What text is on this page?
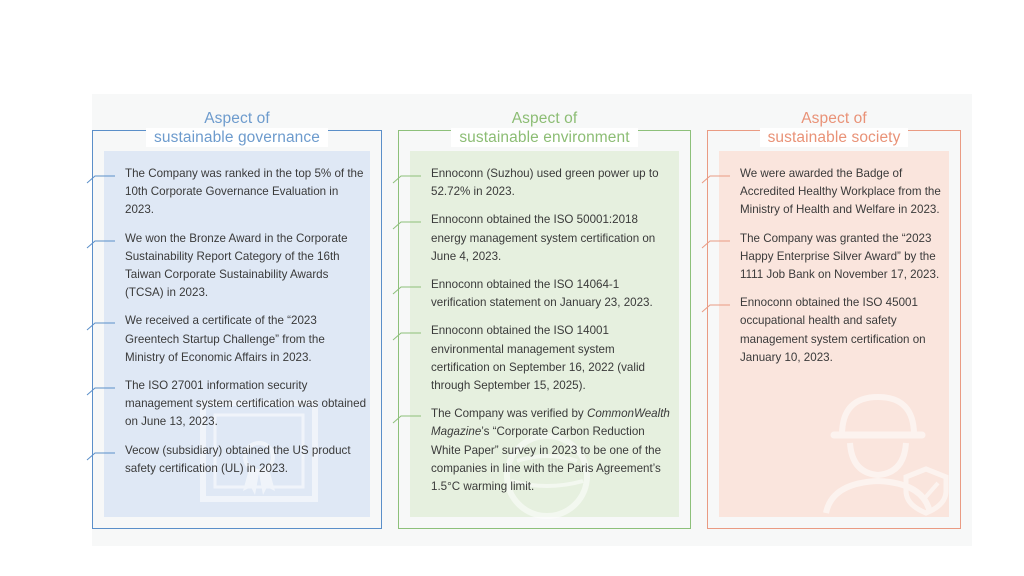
Aspect of
sustainable governance
The Company was ranked in the top 5% of the 10th Corporate Governance Evaluation in 2023.
We won the Bronze Award in the Corporate Sustainability Report Category of the 16th Taiwan Corporate Sustainability Awards (TCSA) in 2023.
We received a certificate of the “2023 Greentech Startup Challenge” from the Ministry of Economic Affairs in 2023.
The ISO 27001 information security management system certification was obtained on June 13, 2023.
Vecow (subsidiary) obtained the US product safety certification (UL) in 2023.
Aspect of
sustainable environment
Ennoconn (Suzhou) used green power up to 52.72% in 2023.
Ennoconn obtained the ISO 50001:2018 energy management system certification on June 4, 2023.
Ennoconn obtained the ISO 14064-1 verification statement on January 23, 2023.
Ennoconn obtained the ISO 14001 environmental management system certification on September 16, 2022 (valid through September 15, 2025).
The Company was verified by CommonWealth Magazine’s “Corporate Carbon Reduction White Paper” survey in 2023 to be one of the companies in line with the Paris Agreement’s 1.5°C warming limit.
Aspect of
sustainable society
We were awarded the Badge of Accredited Healthy Workplace from the Ministry of Health and Welfare in 2023.
The Company was granted the “2023 Happy Enterprise Silver Award” by the 1111 Job Bank on November 17, 2023.
Ennoconn obtained the ISO 45001 occupational health and safety management system certification on January 10, 2023.
